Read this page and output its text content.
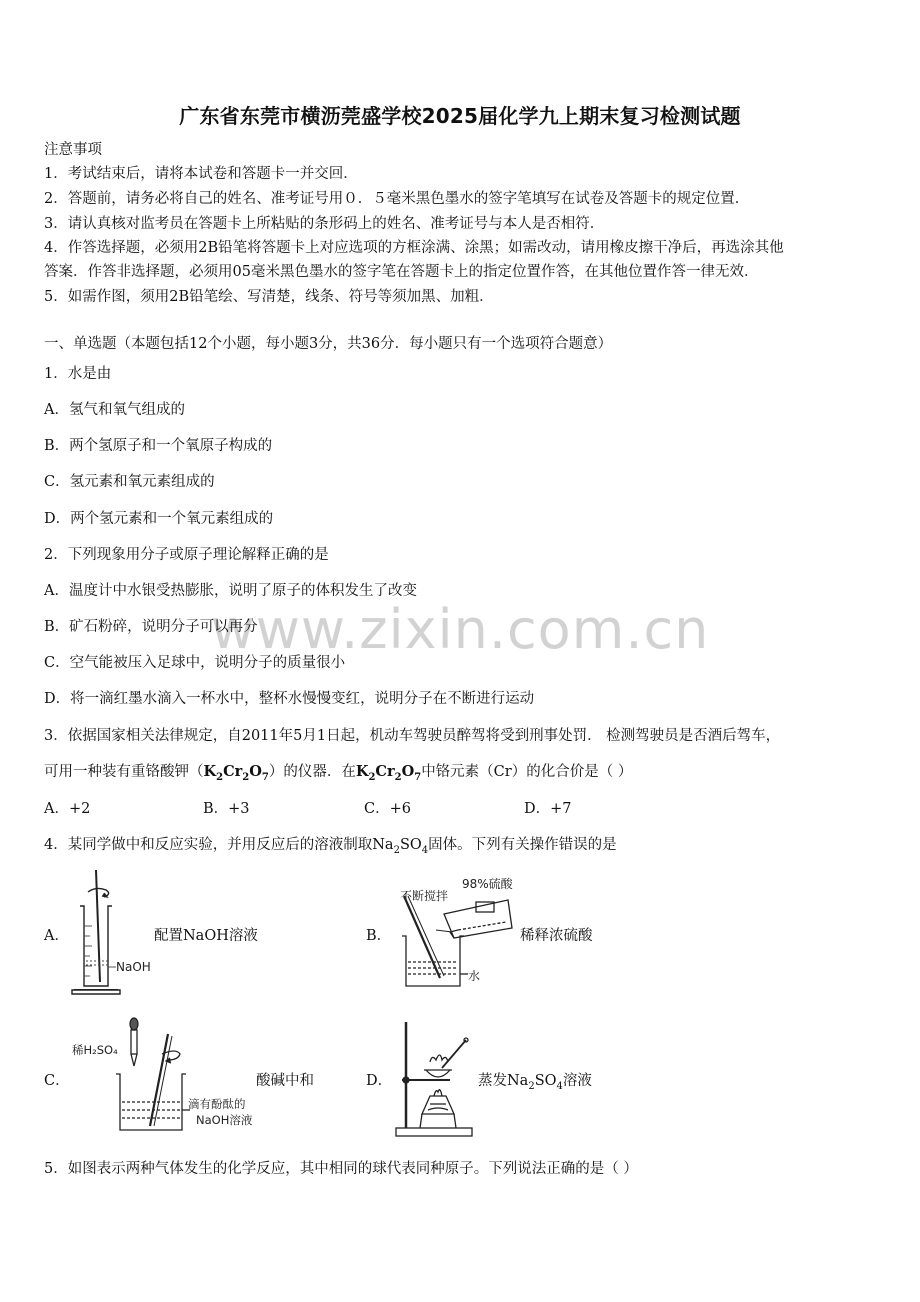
广东省东莞市横沥莞盛学校2025届化学九上期末复习检测试题
www.zixin.com.cn
注意事项
1．考试结束后，请将本试卷和答题卡一并交回．
2．答题前，请务必将自己的姓名、准考证号用０．５毫米黑色墨水的签字笔填写在试卷及答题卡的规定位置．
3．请认真核对监考员在答题卡上所粘贴的条形码上的姓名、准考证号与本人是否相符．
4．作答选择题，必须用2B铅笔将答题卡上对应选项的方框涂满、涂黑；如需改动，请用橡皮擦干净后，再选涂其他
答案．作答非选择题，必须用05毫米黑色墨水的签字笔在答题卡上的指定位置作答，在其他位置作答一律无效．
5．如需作图，须用2B铅笔绘、写清楚，线条、符号等须加黑、加粗．
一、单选题（本题包括12个小题，每小题3分，共36分．每小题只有一个选项符合题意）
1．水是由
A．氢气和氧气组成的
B．两个氢原子和一个氧原子构成的
C．氢元素和氧元素组成的
D．两个氢元素和一个氧元素组成的
2．下列现象用分子或原子理论解释正确的是
A．温度计中水银受热膨胀，说明了原子的体积发生了改变
B．矿石粉碎，说明分子可以再分
C．空气能被压入足球中，说明分子的质量很小
D．将一滴红墨水滴入一杯水中，整杯水慢慢变红，说明分子在不断进行运动
3．依据国家相关法律规定，自2011年5月1日起，机动车驾驶员醉驾将受到刑事处罚． 检测驾驶员是否酒后驾车，
可用一种装有重铬酸钾$(K_2Cr_2O_7)$的仪器．在$K_2Cr_2O_7$中铬元素（Cr）的化合价是（ ）
A．+2	B．+3	C．+6	D．+7
4．某同学做中和反应实验，并用反应后的溶液制取$Na_2SO_4$固体。下列有关操作错误的是
A．	配置NaOH溶液	B．	稀释浓硫酸
C．	酸碱中和	D．	蒸发$Na_2SO_4$溶液
NaOH
不断搅拌
98%硫酸
水
稀H₂SO₄
滴有酚酞的
NaOH溶液
5．如图表示两种气体发生的化学反应，其中相同的球代表同种原子。下列说法正确的是（ ）
